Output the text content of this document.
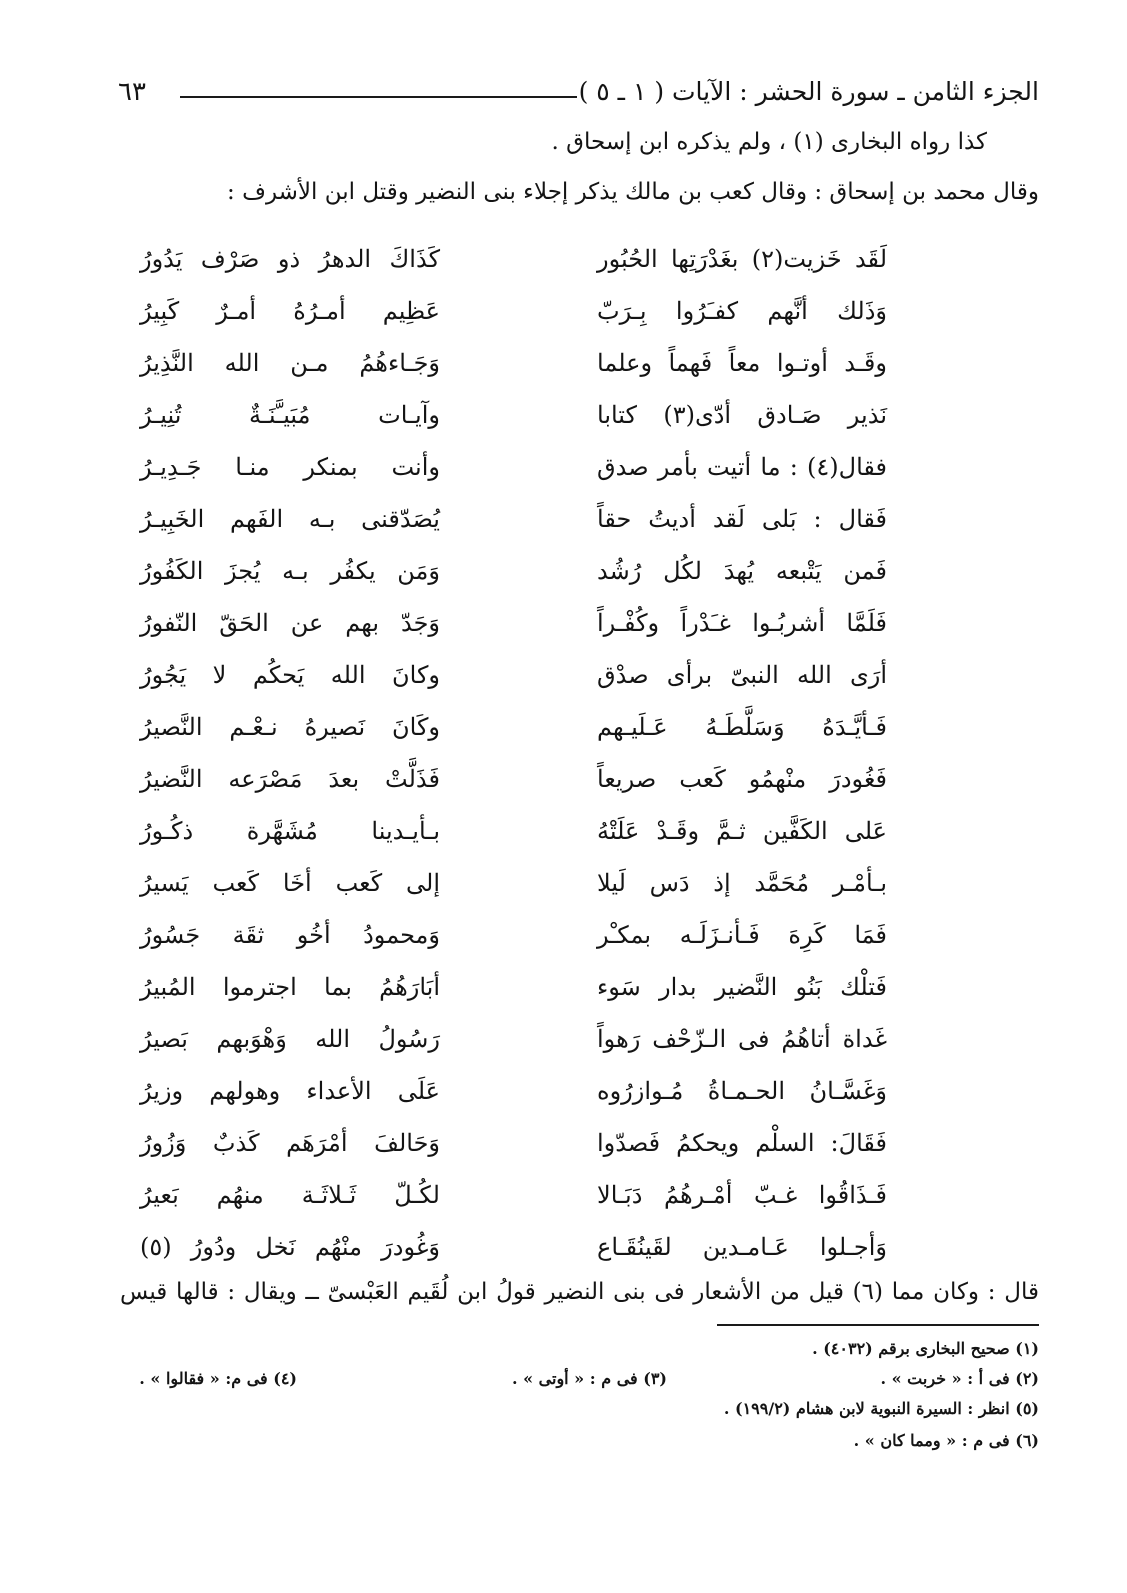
الجزء الثامن ـ سورة الحشر : الآيات ( ١ ـ ٥ )
٦٣
كذا رواه البخارى (١) ، ولم يذكره ابن إسحاق .
وقال محمد بن إسحاق : وقال كعب بن مالك يذكر إجلاء بنى النضير وقتل ابن الأشرف :
لَقَد خَزيت(٢) بغَدْرَتِها الحُبُور
كَذَاكَ الدهرُ ذو صَرْف يَدُورُ
وَذَلك أنَّهم كفـَرُوا بِـرَبّ
عَظِيم أمـرُهُ أمـرٌ كَبِيرُ
وقَـد أوتـوا معاً فَهماً وعلما
وَجَـاءهُمُ مـن الله النَّذِيرُ
نَذير صَـادق أدّى(٣) كتابا
وآيـات مُبَيـَّنَـةٌ تُنِيـرُ
فقال(٤) : ما أتيت بأمر صدق
وأنت بمنكر منـا جَـدِيـرُ
فَقال : بَلى لَقد أديتُ حقاً
يُصَدّقنى بـه الفَهم الخَبِيـرُ
فَمن يَتْبعه يُهدَ لكُل رُشُد
وَمَن يكفُر بـه يُجزَ الكَفُورُ
فَلَمَّا أشربُـوا غـَدْراً وكُفْـراً
وَجَدّ بهم عن الحَقّ النّفورُ
أرَى الله النبىّ برأى صدْق
وكانَ الله يَحكُم لا يَجُورُ
فَـأيَّـدَهُ وَسَلَّطَـهُ عَـلَيـهم
وكَانَ نَصيرهُ نـعْـم النَّصيرُ
فَغُودرَ منْهمُو كَعب صريعاً
فَذَلَّتْ بعدَ مَصْرَعه النَّضيرُ
عَلى الكَفَّين ثـمَّ وقَـدْ عَلَتْهُ
بـأيـدينا مُشَهَّرة ذكُـورُ
بـأمْـر مُحَمَّد إذ دَس لَيلا
إلى كَعب أخَا كَعب يَسيرُ
فَمَا كَرِهَ فَـأنـزَلَـه بمكـْر
وَمحمودُ أخُو ثقَة جَسُورُ
فَتلْك بَنُو النَّضير بدار سَوء
أبَارَهُمُ بما اجترموا المُبيرُ
غَداة أتاهُمُ فى الـزّحْف رَهواً
رَسُولُ الله وَهْوَبهم بَصيرُ
وَغَسَّـانُ الحـمـاةُ مُـوازرُوه
عَلَى الأعداء وهولهم وزيرُ
فَقَالَ: السلْم ويحكمُ فَصدّوا
وَحَالفَ أمْرَهَم كَذبٌ وَزُورُ
فَـذَاقُوا غـبّ أمْـرهُمُ دَبَـالا
لكُـلّ ثَـلاثَـة منهُم بَعيرُ
وَأجـلوا عَـامـدين لقَينُقَـاع
وَغُودرَ منْهُم نَخل ودُورُ (٥)
قال : وكان مما (٦) قيل من الأشعار فى بنى النضير قولُ ابن لُقَيم العَبْسىّ ــ ويقال : قالها قيس
(١) صحيح البخارى برقم (٤٠٣٢) .
(٢) فى أ : « خربت » .
(٣) فى م : « أوتى » .
(٤) فى م: « فقالوا » .
(٥) انظر : السيرة النبوية لابن هشام (١٩٩/٢) .
(٦) فى م : « ومما كان » .
